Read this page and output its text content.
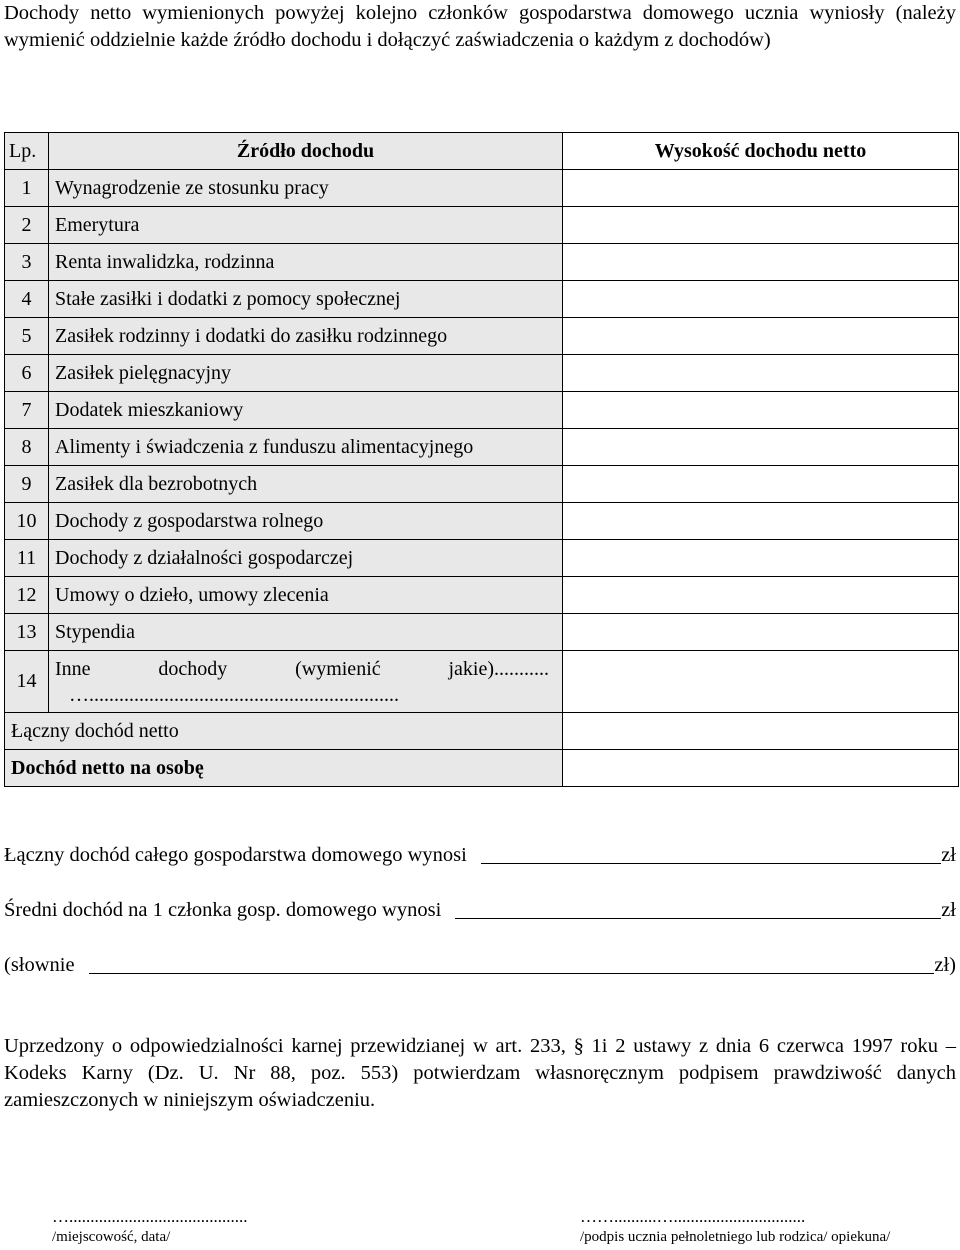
Dochody netto wymienionych powyżej kolejno członków gospodarstwa domowego ucznia wyniosły (należy wymienić oddzielnie każde źródło dochodu i dołączyć zaświadczenia o każdym z dochodów)

Lp.	Źródło dochodu	Wysokość dochodu netto
1	Wynagrodzenie ze stosunku pracy	
2	Emerytura	
3	Renta inwalidzka, rodzinna	
4	Stałe zasiłki i dodatki z pomocy społecznej	
5	Zasiłek rodzinny i dodatki do zasiłku rodzinnego	
6	Zasiłek pielęgnacyjny	
7	Dodatek mieszkaniowy	
8	Alimenty i świadczenia z funduszu alimentacyjnego	
9	Zasiłek dla bezrobotnych	
10	Dochody z gospodarstwa rolnego	
11	Dochody z działalności gospodarczej	
12	Umowy o dzieło, umowy zlecenia	
13	Stypendia	
14	Inne dochody (wymienić jakie)...........
…..............................................................	

Łączny dochód netto		
Dochód netto na osobę		
Łączny dochód całego gospodarstwa domowego wynosi	zł
Średni dochód na 1 członka gosp. domowego wynosi	zł
(słownie	zł)

Uprzedzony o odpowiedzialności karnej przewidzianej w art. 233, § 1i 2 ustawy z dnia 6 czerwca 1997 roku – Kodeks Karny (Dz. U. Nr 88, poz. 553) potwierdzam własnoręcznym podpisem prawdziwość danych zamieszczonych w niniejszym oświadczeniu.

…..........................................
/miejscowość, data/
……..........…...............................
/podpis ucznia pełnoletniego lub rodzica/ opiekuna/
